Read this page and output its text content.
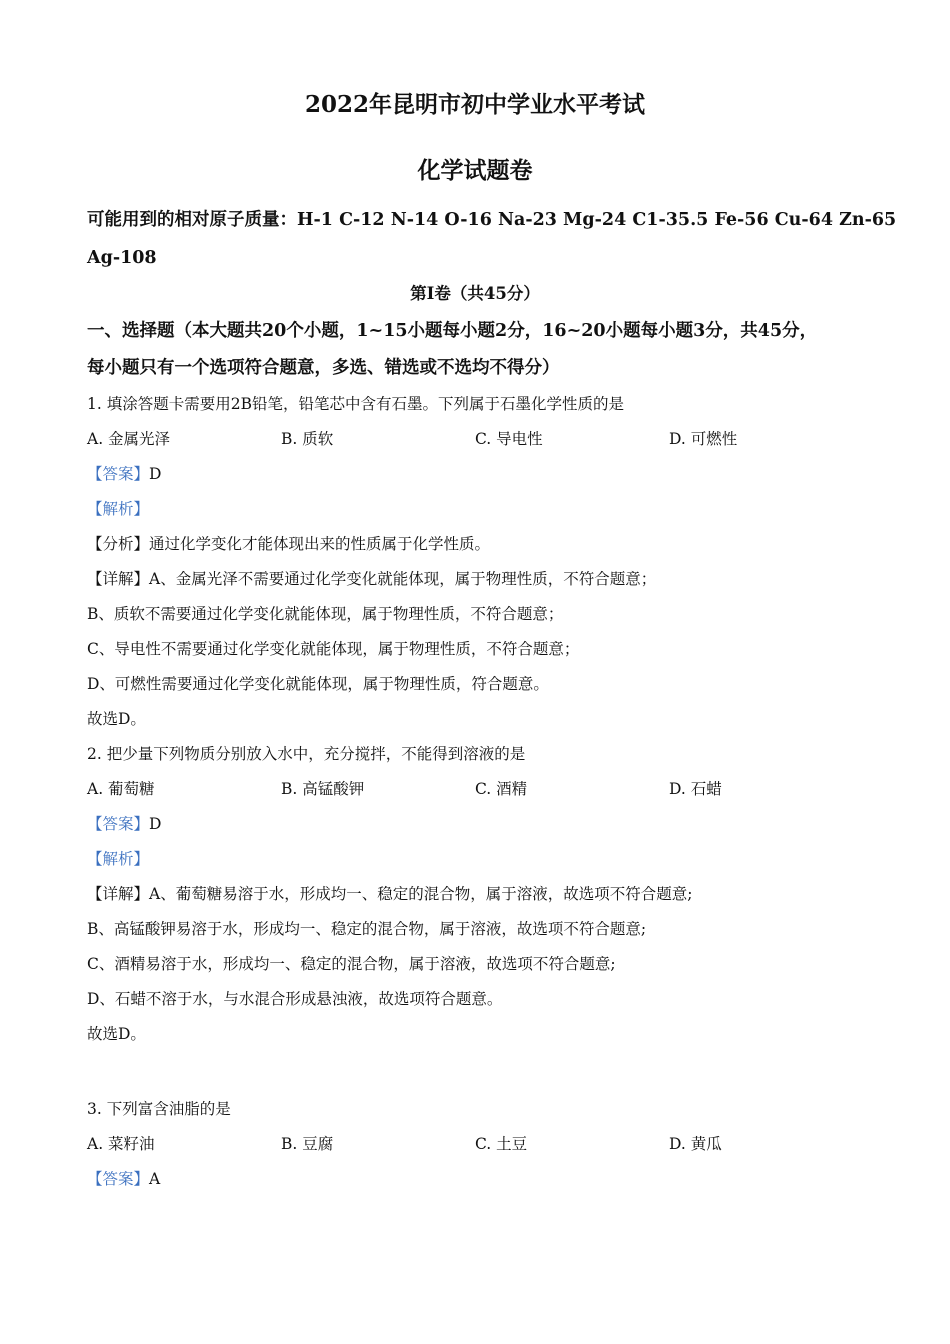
2022年昆明市初中学业水平考试
化学试题卷
可能用到的相对原子质量：H-1 C-12 N-14 O-16 Na-23 Mg-24 C1-35.5 Fe-56 Cu-64 Zn-65
Ag-108
第Ⅰ卷（共45分）
一、选择题（本大题共20个小题，1~15小题每小题2分，16~20小题每小题3分，共45分，
每小题只有一个选项符合题意，多选、错选或不选均不得分）
1. 填涂答题卡需要用2B铅笔，铅笔芯中含有石墨。下列属于石墨化学性质的是
A. 金属光泽	B. 质软	C. 导电性	D. 可燃性
【答案】D
【解析】
【分析】通过化学变化才能体现出来的性质属于化学性质。
【详解】A、金属光泽不需要通过化学变化就能体现，属于物理性质，不符合题意；
B、质软不需要通过化学变化就能体现，属于物理性质，不符合题意；
C、导电性不需要通过化学变化就能体现，属于物理性质，不符合题意；
D、可燃性需要通过化学变化就能体现，属于物理性质，符合题意。
故选D。
2. 把少量下列物质分别放入水中，充分搅拌，不能得到溶液的是
A. 葡萄糖	B. 高锰酸钾	C. 酒精	D. 石蜡
【答案】D
【解析】
【详解】A、葡萄糖易溶于水，形成均一、稳定的混合物，属于溶液，故选项不符合题意;
B、高锰酸钾易溶于水，形成均一、稳定的混合物，属于溶液，故选项不符合题意;
C、酒精易溶于水，形成均一、稳定的混合物，属于溶液，故选项不符合题意;
D、石蜡不溶于水，与水混合形成悬浊液，故选项符合题意。
故选D。
3. 下列富含油脂的是
A. 菜籽油	B. 豆腐	C. 土豆	D. 黄瓜
【答案】A
